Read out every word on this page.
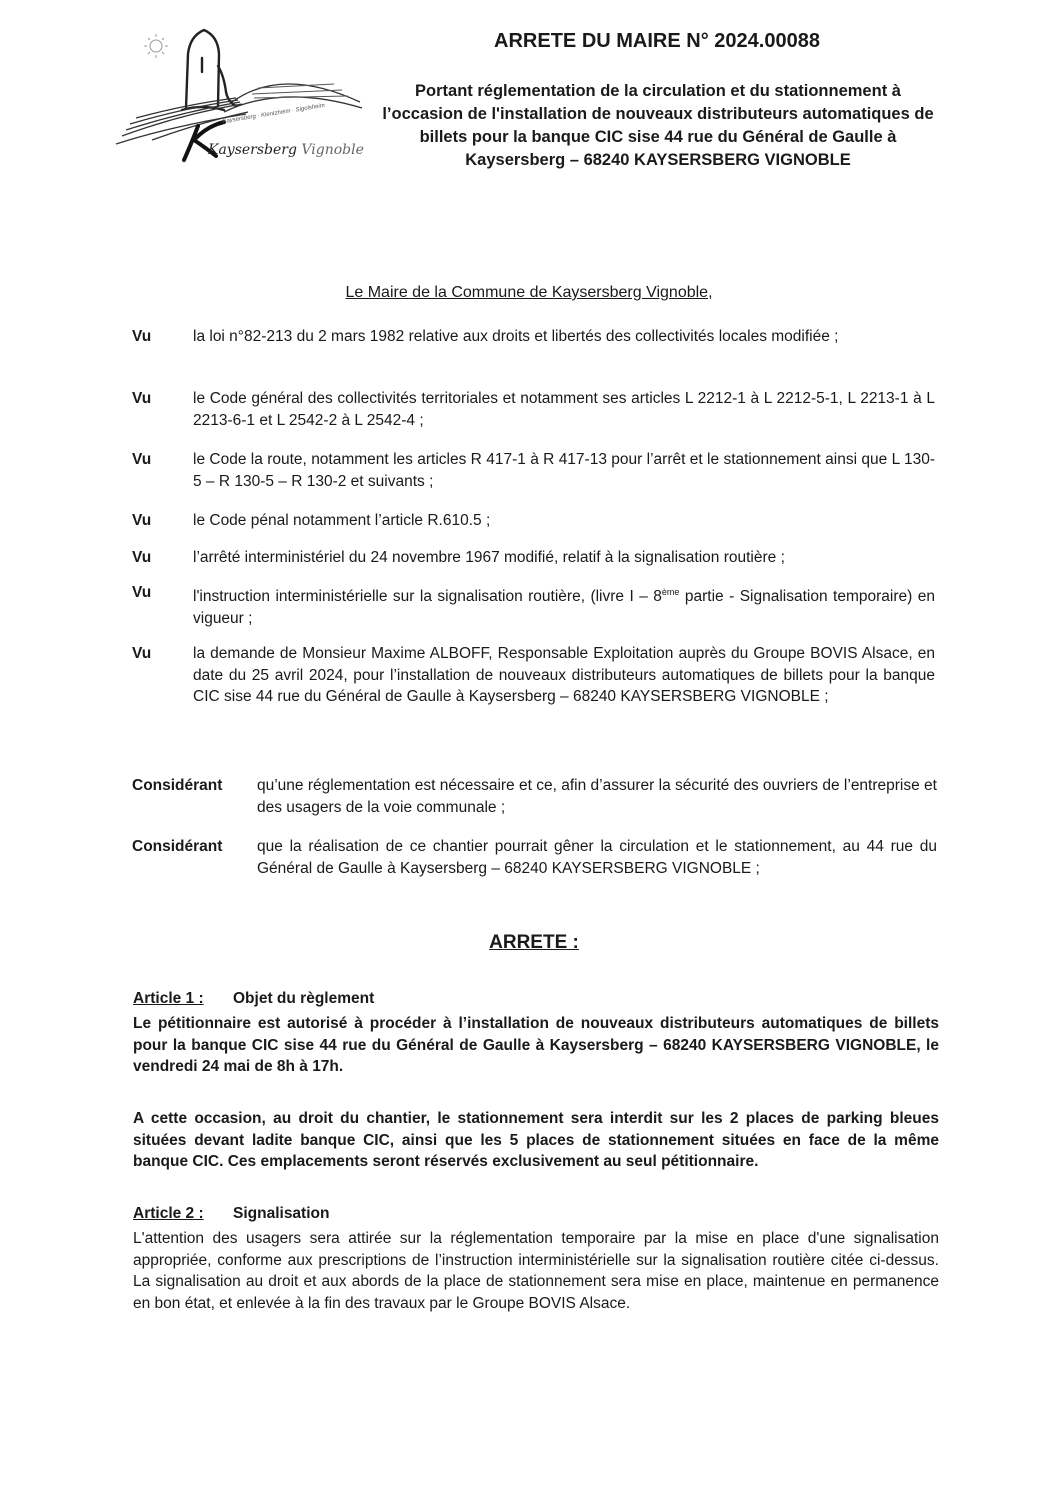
Kaysersberg · Kientzheim · Sigolsheim
Kaysersberg Vignoble
ARRETE DU MAIRE N° 2024.00088

Portant réglementation de la circulation et du stationnement à l’occasion de l'installation de nouveaux distributeurs automatiques de billets pour la banque CIC sise 44 rue du Général de Gaulle à Kaysersberg – 68240 KAYSERSBERG VIGNOBLE

Le Maire de la Commune de Kaysersberg Vignoble,

Vu	la loi n°82-213 du 2 mars 1982 relative aux droits et libertés des collectivités locales modifiée ;

Vu	le Code général des collectivités territoriales et notamment ses articles L 2212-1 à L 2212-5-1, L 2213-1 à L 2213-6-1 et L 2542-2 à L 2542-4 ;

Vu	le Code la route, notamment les articles R 417-1 à R 417-13 pour l’arrêt et le stationnement ainsi que L 130-5 – R 130-5 – R 130-2 et suivants ;

Vu	le Code pénal notamment l’article R.610.5 ;

Vu	l’arrêté interministériel du 24 novembre 1967 modifié, relatif à la signalisation routière ;

Vu	l'instruction interministérielle sur la signalisation routière, (livre I – 8ème partie - Signalisation temporaire) en vigueur ;

Vu	la demande de Monsieur Maxime ALBOFF, Responsable Exploitation auprès du Groupe BOVIS Alsace, en date du 25 avril 2024, pour l’installation de nouveaux distributeurs automatiques de billets pour la banque CIC sise 44 rue du Général de Gaulle à Kaysersberg – 68240 KAYSERSBERG VIGNOBLE ;

Considérant qu’une réglementation est nécessaire et ce, afin d’assurer la sécurité des ouvriers de l’entreprise et des usagers de la voie communale ;

Considérant que la réalisation de ce chantier pourrait gêner la circulation et le stationnement, au 44 rue du Général de Gaulle à Kaysersberg – 68240 KAYSERSBERG VIGNOBLE ;

ARRETE :
Article 1 : Objet du règlement

Le pétitionnaire est autorisé à procéder à l’installation de nouveaux distributeurs automatiques de billets pour la banque CIC sise 44 rue du Général de Gaulle à Kaysersberg – 68240 KAYSERSBERG VIGNOBLE, le vendredi 24 mai de 8h à 17h.

A cette occasion, au droit du chantier, le stationnement sera interdit sur les 2 places de parking bleues situées devant ladite banque CIC, ainsi que les 5 places de stationnement situées en face de la même banque CIC. Ces emplacements seront réservés exclusivement au seul pétitionnaire.

Article 2 : Signalisation

L'attention des usagers sera attirée sur la réglementation temporaire par la mise en place d'une signalisation appropriée, conforme aux prescriptions de l’instruction interministérielle sur la signalisation routière citée ci-dessus. La signalisation au droit et aux abords de la place de stationnement sera mise en place, maintenue en permanence en bon état, et enlevée à la fin des travaux par le Groupe BOVIS Alsace.
